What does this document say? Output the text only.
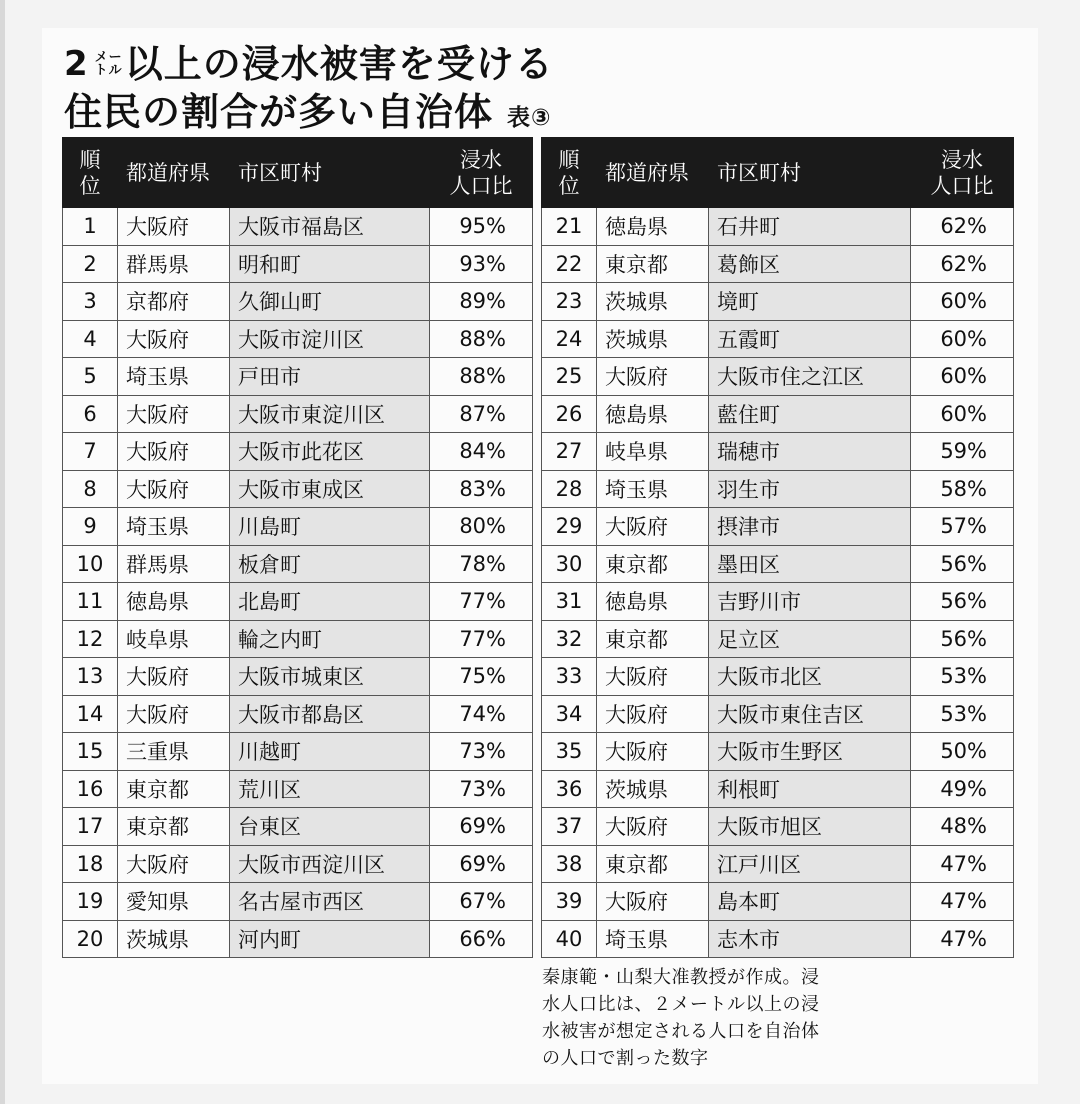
2 メー
トル 以上の浸水被害を受ける
住民の割合が多い自治体 表③
順
位	都道府県	市区町村	浸水
人口比
1	大阪府	大阪市福島区	95%
2	群馬県	明和町	93%
3	京都府	久御山町	89%
4	大阪府	大阪市淀川区	88%
5	埼玉県	戸田市	88%
6	大阪府	大阪市東淀川区	87%
7	大阪府	大阪市此花区	84%
8	大阪府	大阪市東成区	83%
9	埼玉県	川島町	80%
10	群馬県	板倉町	78%
11	徳島県	北島町	77%
12	岐阜県	輪之内町	77%
13	大阪府	大阪市城東区	75%
14	大阪府	大阪市都島区	74%
15	三重県	川越町	73%
16	東京都	荒川区	73%
17	東京都	台東区	69%
18	大阪府	大阪市西淀川区	69%
19	愛知県	名古屋市西区	67%
20	茨城県	河内町	66%
順
位	都道府県	市区町村	浸水
人口比
21	徳島県	石井町	62%
22	東京都	葛飾区	62%
23	茨城県	境町	60%
24	茨城県	五霞町	60%
25	大阪府	大阪市住之江区	60%
26	徳島県	藍住町	60%
27	岐阜県	瑞穂市	59%
28	埼玉県	羽生市	58%
29	大阪府	摂津市	57%
30	東京都	墨田区	56%
31	徳島県	吉野川市	56%
32	東京都	足立区	56%
33	大阪府	大阪市北区	53%
34	大阪府	大阪市東住吉区	53%
35	大阪府	大阪市生野区	50%
36	茨城県	利根町	49%
37	大阪府	大阪市旭区	48%
38	東京都	江戸川区	47%
39	大阪府	島本町	47%
40	埼玉県	志木市	47%
秦康範・山梨大准教授が作成。浸
水人口比は、２メートル以上の浸
水被害が想定される人口を自治体
の人口で割った数字
